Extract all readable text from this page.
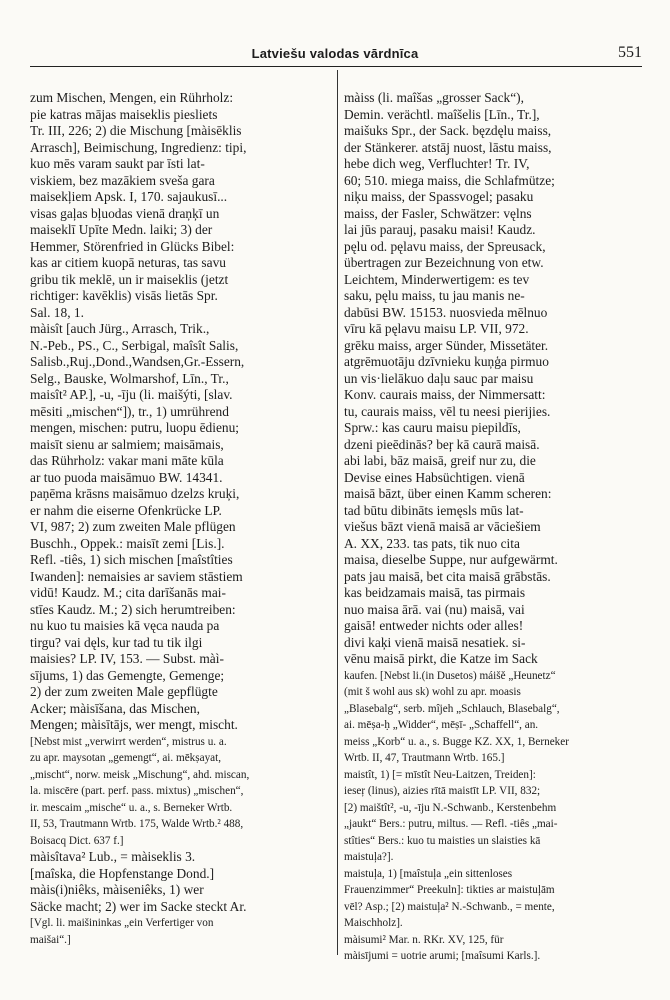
Latviešu valodas vārdnīca	551
zum Mischen, Mengen, ein Rührholz:
pie katras mājas maiseklis piesliets
Tr. III, 226; 2) die Mischung [màisēklis
Arrasch], Beimischung, Ingredienz: tipi,
kuo mēs varam saukt par īsti lat-
viskiem, bez mazākiem sveša gara
maisekļiem Apsk. I, 170. sajaukusī...
visas gaļas bļuodas vienā draņķī un
maiseklī Upīte Medn. laiki; 3) der
Hemmer, Störenfried in Glücks Bibel:
kas ar citiem kuopā neturas, tas savu
gribu tik meklē, un ir maiseklis (jetzt
richtiger: kavēklis) visās lietās Spr.
Sal. 18, 1.
màisît [auch Jürg., Arrasch, Trik.,
N.-Peb., PS., C., Serbigal, maîsît Salis,
Salisb.,Ruj.,Dond.,Wandsen,Gr.-Essern,
Selg., Bauske, Wolmarshof, Līn., Tr.,
maisît² AP.], -u, -īju (li. maišýti, [slav.
mēsiti „mischen“]), tr., 1) umrührend
mengen, mischen: putru, luopu ēdienu;
maisīt sienu ar salmiem; maisāmais,
das Rührholz: vakar mani māte kūla
ar tuo puoda maisāmuo BW. 14341.
paņēma krāsns maisāmuo dzelzs kruķi,
er nahm die eiserne Ofenkrücke LP.
VI, 987; 2) zum zweiten Male pflügen
Buschh., Oppek.: maisīt zemi [Lis.].
Refl. -tiês, 1) sich mischen [maîstîties
Iwanden]: nemaisies ar saviem stāstiem
vidū! Kaudz. M.; cita darīšanās mai-
stīes Kaudz. M.; 2) sich herumtreiben:
nu kuo tu maisies kā vęca nauda pa
tirgu? vai dęls, kur tad tu tik ilgi
maisies? LP. IV, 153. — Subst. màì-
sījums, 1) das Gemengte, Gemenge;
2) der zum zweiten Male gepflügte
Acker; màisīšana, das Mischen,
Mengen; màisītājs, wer mengt, mischt.
[Nebst mist „verwirrt werden“, mistrus u. a.
zu apr. maysotan „gemengt“, ai. mēkṣayat,
„mischt“, norw. meisk „Mischung“, ahd. miscan,
la. miscēre (part. perf. pass. mixtus) „mischen“,
ir. mescaim „mische“ u. a., s. Berneker Wrtb.
II, 53, Trautmann Wrtb. 175, Walde Wrtb.² 488,
Boisacq Dict. 637 f.]
màisîtava² Lub., = màiseklis 3.
[maîska, die Hopfenstange Dond.]
màis(i)niêks, màiseniêks, 1) wer
Säcke macht; 2) wer im Sacke steckt Ar.
[Vgl. li. maišininkas „ein Verfertiger von
maišai“.]
màiss (li. maîšas „grosser Sack“),
Demin. verächtl. maîšelis [Līn., Tr.],
maišuks Spr., der Sack. bęzdęlu maiss,
der Stänkerer. atstāj nuost, lāstu maiss,
hebe dich weg, Verfluchter! Tr. IV,
60; 510. miega maiss, die Schlafmütze;
niķu maiss, der Spassvogel; pasaku
maiss, der Fasler, Schwätzer: vęlns
lai jūs parauj, pasaku maisi! Kaudz.
pęlu od. pęlavu maiss, der Spreusack,
übertragen zur Bezeichnung von etw.
Leichtem, Minderwertigem: es tev
saku, pęlu maiss, tu jau manis ne-
dabūsi BW. 15153. nuosvieda mēlnuo
vīru kā pęlavu maisu LP. VII, 972.
grēku maiss, arger Sünder, Missetäter.
atgrēmuotāju dzīvnieku kuņģa pirmuo
un vis·lielākuo daļu sauc par maisu
Konv. caurais maiss, der Nimmersatt:
tu, caurais maiss, vēl tu neesi pierijies.
Sprw.: kas cauru maisu piepildīs,
dzeni pieēdinās? beŗ kā caurā maisā.
abi labi, bāz maisā, greif nur zu, die
Devise eines Habsüchtigen. vienā
maisā bāzt, über einen Kamm scheren:
tad būtu dibināts iemęsls mūs lat-
viešus bāzt vienā maisā ar vāciešiem
A. XX, 233. tas pats, tik nuo cita
maisa, dieselbe Suppe, nur aufgewärmt.
pats jau maisā, bet cita maisā grābstās.
kas beidzamais maisā, tas pirmais
nuo maisa ārā. vai (nu) maisā, vai
gaisā! entweder nichts oder alles!
divi kaķi vienā maisā nesatiek. si-
vēnu maisā pirkt, die Katze im Sack
kaufen. [Nebst li.(in Dusetos) máišě „Heunetz“
(mit š wohl aus sk) wohl zu apr. moasis
„Blasebalg“, serb. mîjeh „Schlauch, Blasebalg“,
ai. mēṣa-ḥ „Widder“, mēṣī- „Schaffell“, an.
meiss „Korb“ u. a., s. Bugge KZ. XX, 1, Berneker
Wrtb. II, 47, Trautmann Wrtb. 165.]
maistît, 1) [= mīstît Neu-Laitzen, Treiden]:
ieseŗ (linus), aizies rītā maistīt LP. VII, 832;
[2) maištît², -u, -īju N.-Schwanb., Kerstenbehm
„jaukt“ Bers.: putru, miltus. — Refl. -tiês „mai-
stîties“ Bers.: kuo tu maisties un slaisties kā
maistuļa?].
maistuļa, 1) [maîstuļa „ein sittenloses
Frauenzimmer“ Preekuln]: tikties ar maistuļām
vēl? Asp.; [2) maistuļa² N.-Schwanb., = mente,
Maischholz].
màisumi² Mar. n. RKr. XV, 125, für
màisījumi = uotrie arumi; [maîsumi Karls.].
